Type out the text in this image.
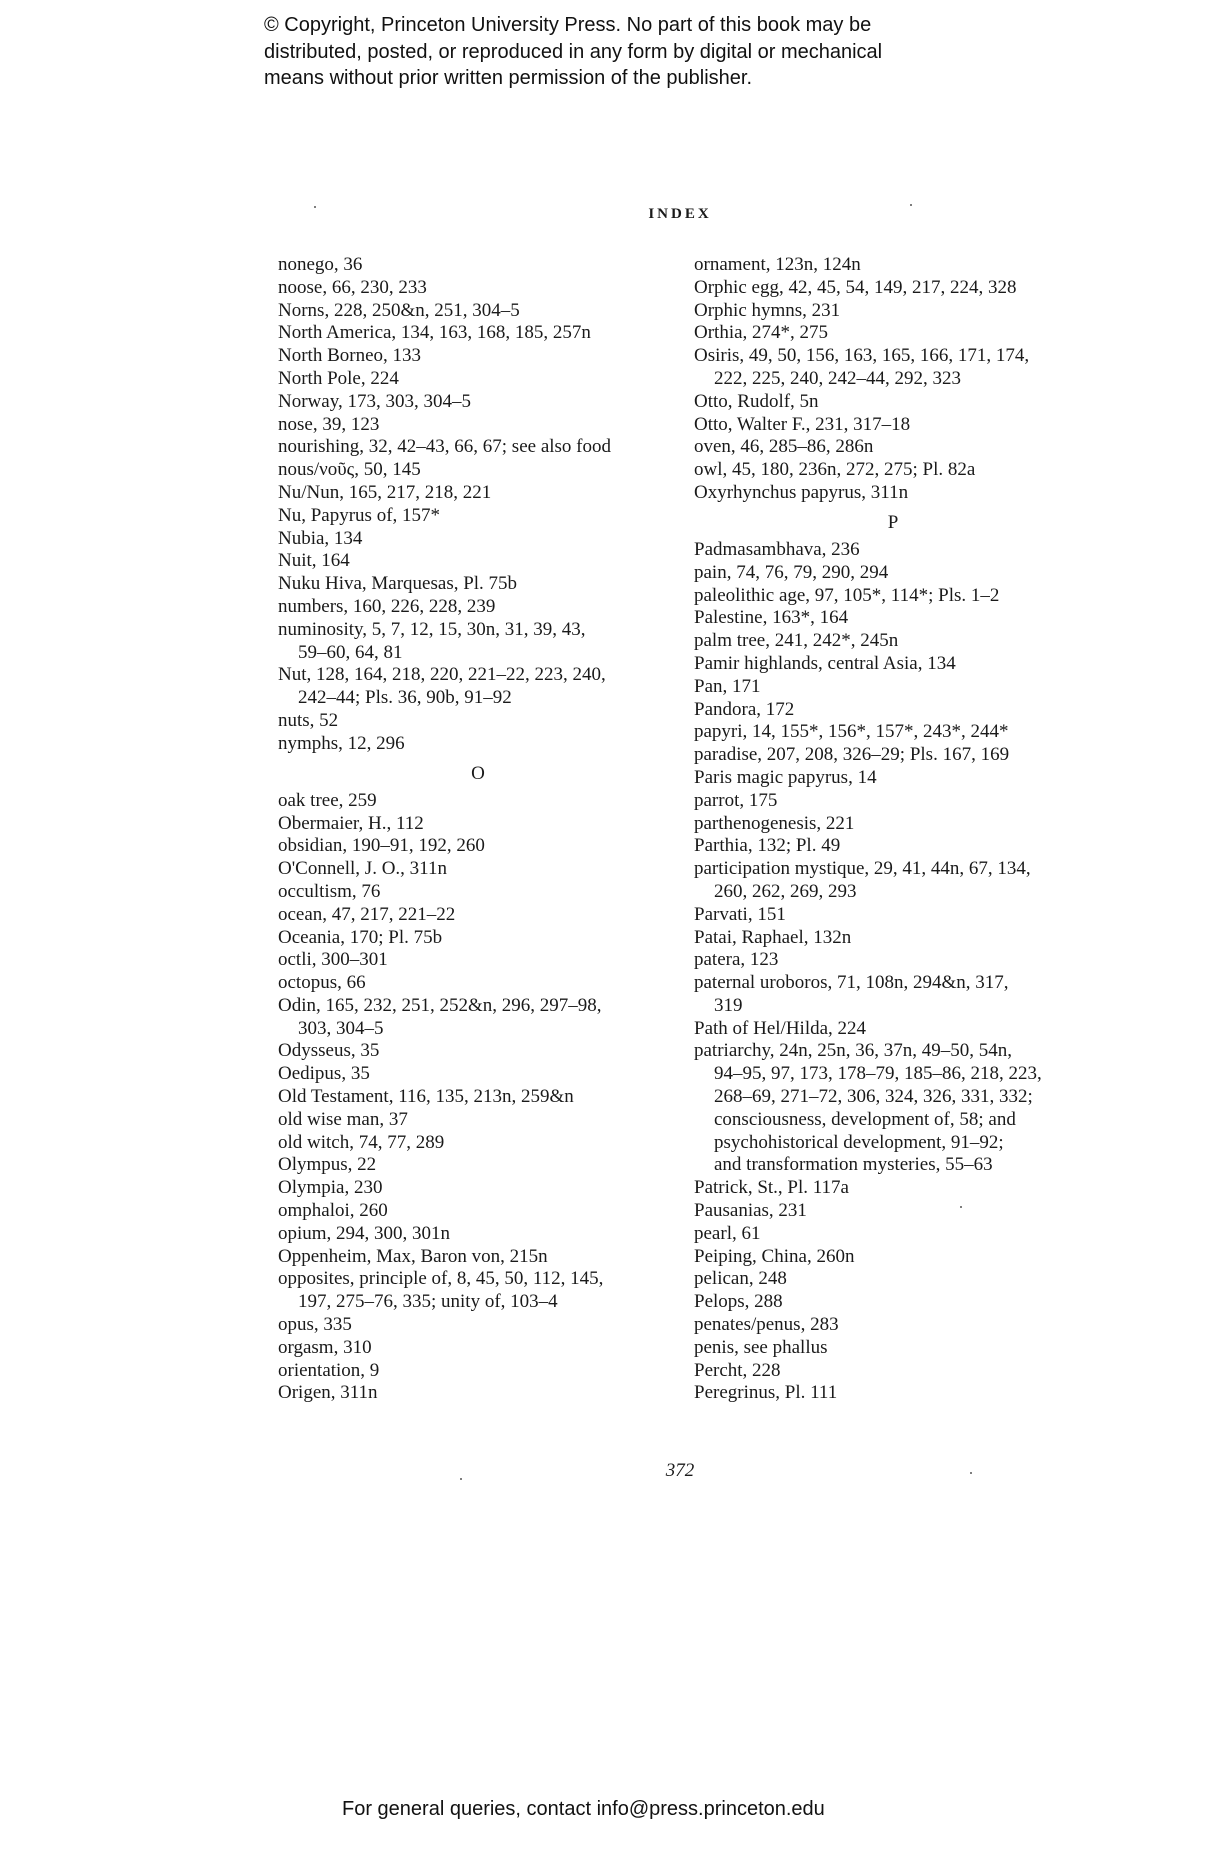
© Copyright, Princeton University Press. No part of this book may be
distributed, posted, or reproduced in any form by digital or mechanical
means without prior written permission of the publisher.
INDEX
nonego, 36
noose, 66, 230, 233
Norns, 228, 250&n, 251, 304–5
North America, 134, 163, 168, 185, 257n
North Borneo, 133
North Pole, 224
Norway, 173, 303, 304–5
nose, 39, 123
nourishing, 32, 42–43, 66, 67; see also food
nous/νοῦς, 50, 145
Nu/Nun, 165, 217, 218, 221
Nu, Papyrus of, 157*
Nubia, 134
Nuit, 164
Nuku Hiva, Marquesas, Pl. 75b
numbers, 160, 226, 228, 239
numinosity, 5, 7, 12, 15, 30n, 31, 39, 43,
59–60, 64, 81
Nut, 128, 164, 218, 220, 221–22, 223, 240,
242–44; Pls. 36, 90b, 91–92
nuts, 52
nymphs, 12, 296
O
oak tree, 259
Obermaier, H., 112
obsidian, 190–91, 192, 260
O'Connell, J. O., 311n
occultism, 76
ocean, 47, 217, 221–22
Oceania, 170; Pl. 75b
octli, 300–301
octopus, 66
Odin, 165, 232, 251, 252&n, 296, 297–98,
303, 304–5
Odysseus, 35
Oedipus, 35
Old Testament, 116, 135, 213n, 259&n
old wise man, 37
old witch, 74, 77, 289
Olympus, 22
Olympia, 230
omphaloi, 260
opium, 294, 300, 301n
Oppenheim, Max, Baron von, 215n
opposites, principle of, 8, 45, 50, 112, 145,
197, 275–76, 335; unity of, 103–4
opus, 335
orgasm, 310
orientation, 9
Origen, 311n
ornament, 123n, 124n
Orphic egg, 42, 45, 54, 149, 217, 224, 328
Orphic hymns, 231
Orthia, 274*, 275
Osiris, 49, 50, 156, 163, 165, 166, 171, 174,
222, 225, 240, 242–44, 292, 323
Otto, Rudolf, 5n
Otto, Walter F., 231, 317–18
oven, 46, 285–86, 286n
owl, 45, 180, 236n, 272, 275; Pl. 82a
Oxyrhynchus papyrus, 311n
P
Padmasambhava, 236
pain, 74, 76, 79, 290, 294
paleolithic age, 97, 105*, 114*; Pls. 1–2
Palestine, 163*, 164
palm tree, 241, 242*, 245n
Pamir highlands, central Asia, 134
Pan, 171
Pandora, 172
papyri, 14, 155*, 156*, 157*, 243*, 244*
paradise, 207, 208, 326–29; Pls. 167, 169
Paris magic papyrus, 14
parrot, 175
parthenogenesis, 221
Parthia, 132; Pl. 49
participation mystique, 29, 41, 44n, 67, 134,
260, 262, 269, 293
Parvati, 151
Patai, Raphael, 132n
patera, 123
paternal uroboros, 71, 108n, 294&n, 317,
319
Path of Hel/Hilda, 224
patriarchy, 24n, 25n, 36, 37n, 49–50, 54n,
94–95, 97, 173, 178–79, 185–86, 218, 223,
268–69, 271–72, 306, 324, 326, 331, 332;
consciousness, development of, 58; and
psychohistorical development, 91–92;
and transformation mysteries, 55–63
Patrick, St., Pl. 117a
Pausanias, 231
pearl, 61
Peiping, China, 260n
pelican, 248
Pelops, 288
penates/penus, 283
penis, see phallus
Percht, 228
Peregrinus, Pl. 111
372
For general queries, contact info@press.princeton.edu
